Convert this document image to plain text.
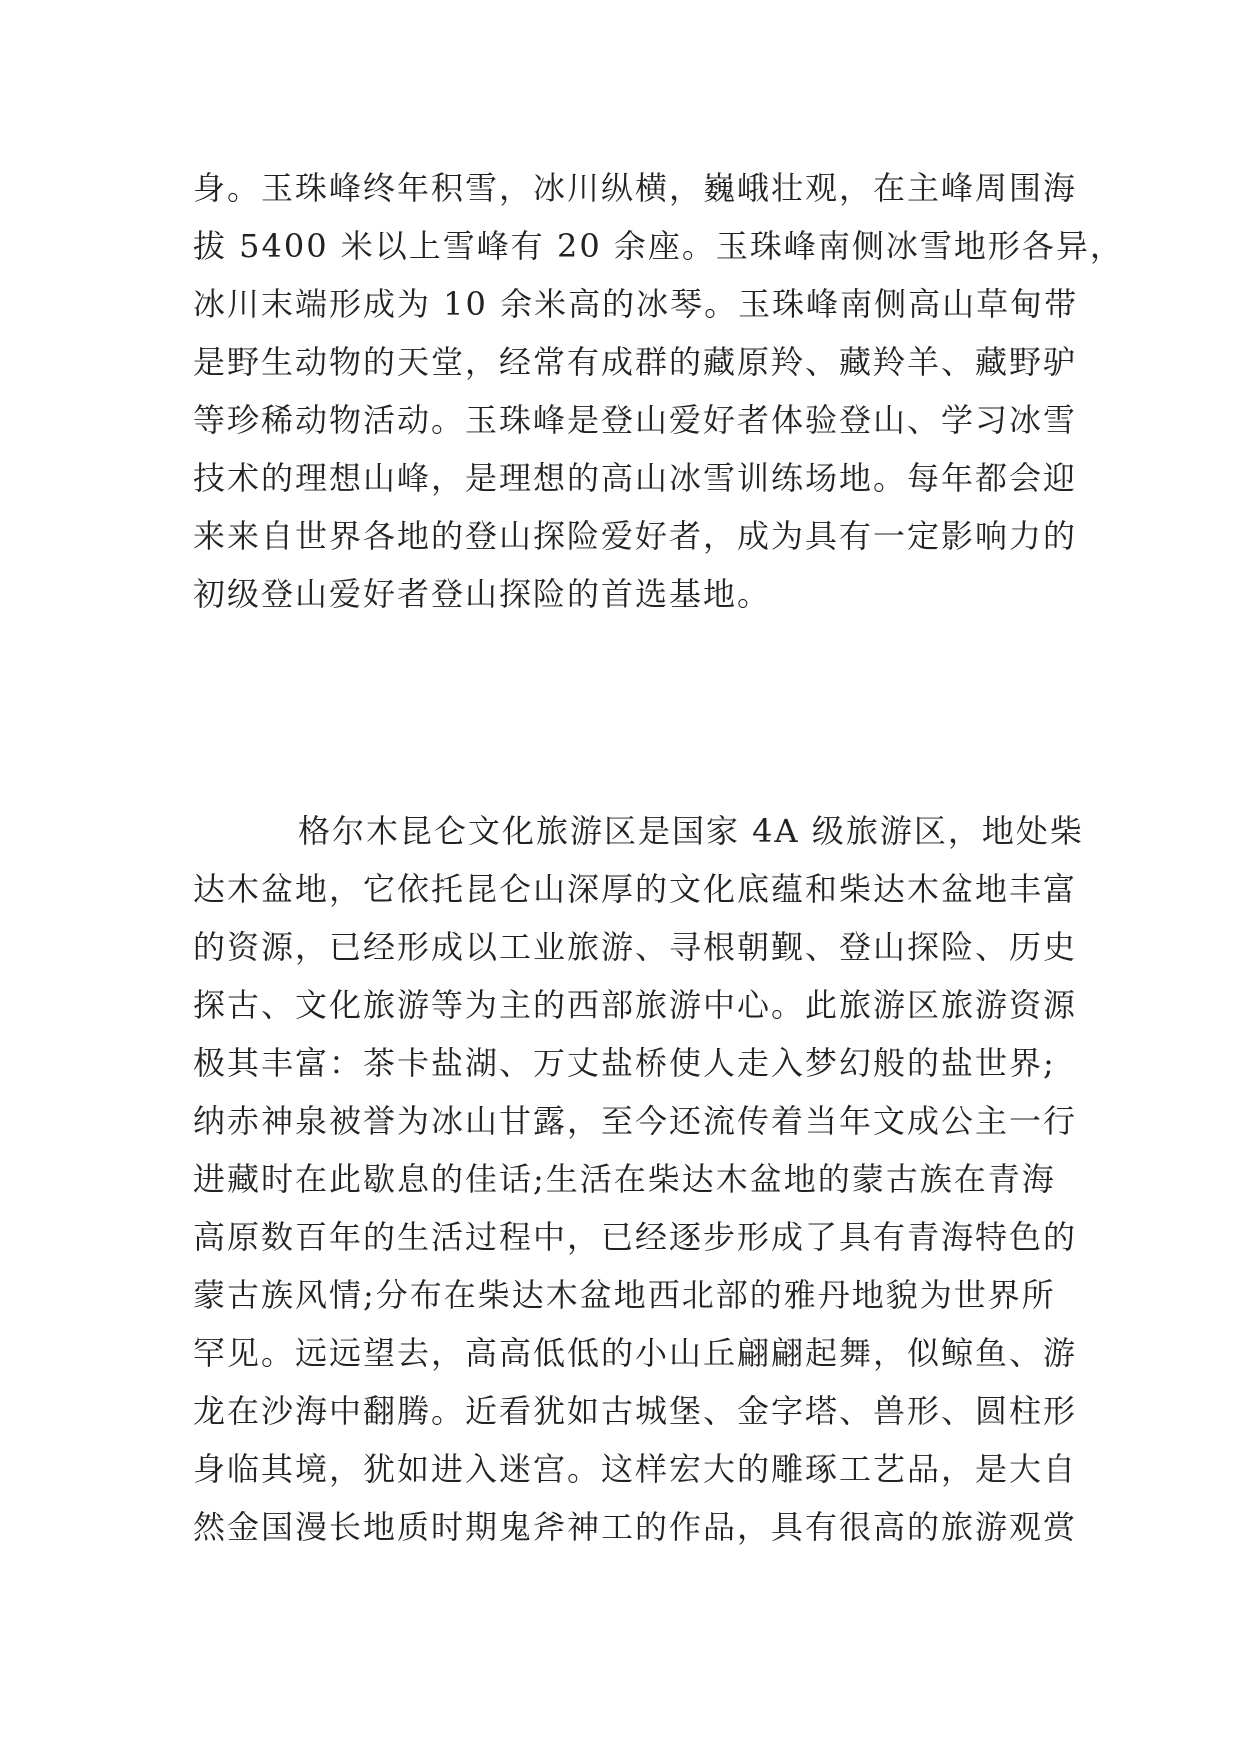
身。玉珠峰终年积雪，冰川纵横，巍峨壮观，在主峰周围海
拔 5400 米以上雪峰有 20 余座。玉珠峰南侧冰雪地形各异，
冰川末端形成为 10 余米高的冰琴。玉珠峰南侧高山草甸带
是野生动物的天堂，经常有成群的藏原羚、藏羚羊、藏野驴
等珍稀动物活动。玉珠峰是登山爱好者体验登山、学习冰雪
技术的理想山峰，是理想的高山冰雪训练场地。每年都会迎
来来自世界各地的登山探险爱好者，成为具有一定影响力的
初级登山爱好者登山探险的首选基地。
格尔木昆仑文化旅游区是国家 4A 级旅游区，地处柴
达木盆地，它依托昆仑山深厚的文化底蕴和柴达木盆地丰富
的资源，已经形成以工业旅游、寻根朝觐、登山探险、历史
探古、文化旅游等为主的西部旅游中心。此旅游区旅游资源
极其丰富：茶卡盐湖、万丈盐桥使人走入梦幻般的盐世界;
纳赤神泉被誉为冰山甘露，至今还流传着当年文成公主一行
进藏时在此歇息的佳话;生活在柴达木盆地的蒙古族在青海
高原数百年的生活过程中，已经逐步形成了具有青海特色的
蒙古族风情;分布在柴达木盆地西北部的雅丹地貌为世界所
罕见。远远望去，高高低低的小山丘翩翩起舞，似鲸鱼、游
龙在沙海中翻腾。近看犹如古城堡、金字塔、兽形、圆柱形
身临其境，犹如进入迷宫。这样宏大的雕琢工艺品，是大自
然金国漫长地质时期鬼斧神工的作品，具有很高的旅游观赏
